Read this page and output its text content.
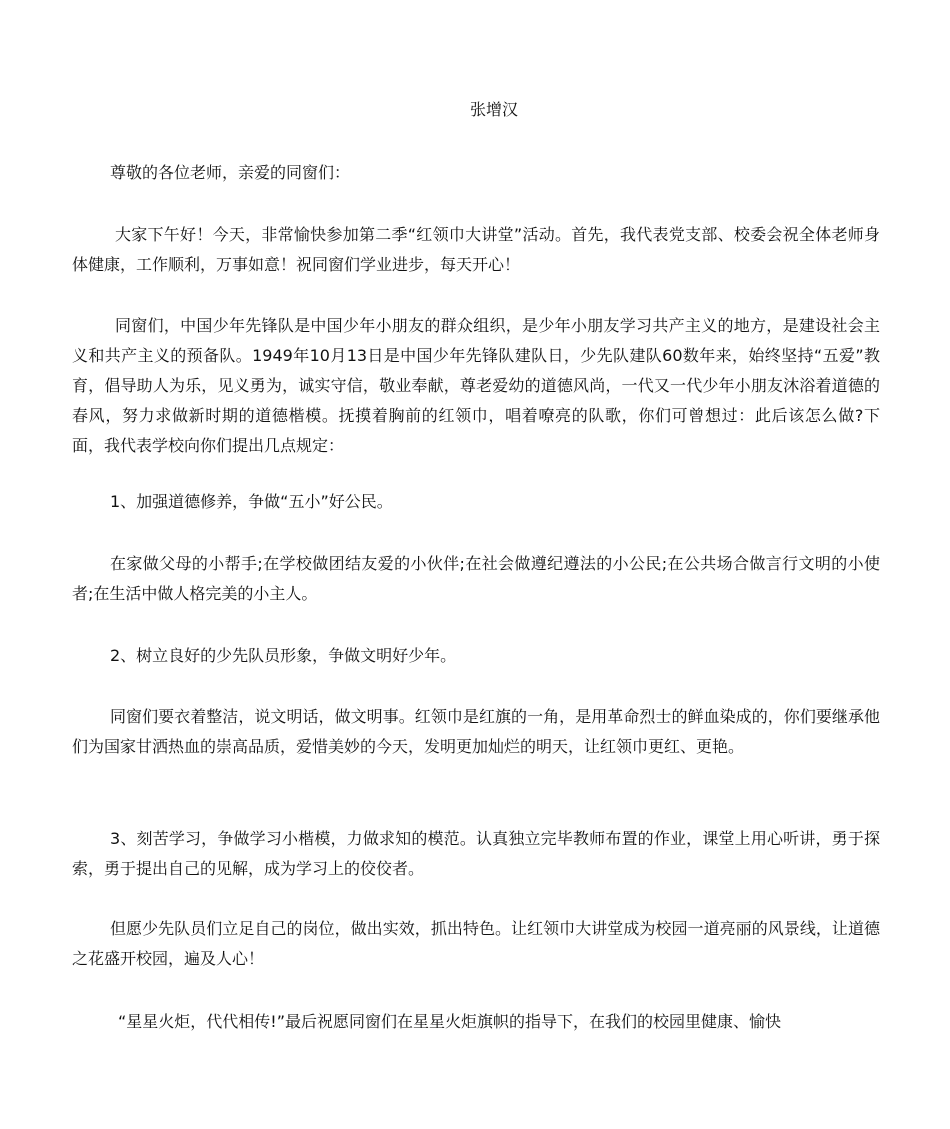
张增汉
尊敬的各位老师，亲爱的同窗们：
大家下午好！今天，非常愉快参加第二季“红领巾大讲堂”活动。首先，我代表党支部、校委会祝全体老师身体健康，工作顺利，万事如意！祝同窗们学业进步，每天开心！
同窗们，中国少年先锋队是中国少年小朋友的群众组织，是少年小朋友学习共产主义的地方，是建设社会主义和共产主义的预备队。1949年10月13日是中国少年先锋队建队日，少先队建队60数年来，始终坚持“五爱”教育，倡导助人为乐，见义勇为，诚实守信，敬业奉献，尊老爱幼的道德风尚，一代又一代少年小朋友沐浴着道德的春风，努力求做新时期的道德楷模。抚摸着胸前的红领巾，唱着嘹亮的队歌，你们可曾想过：此后该怎么做?下面，我代表学校向你们提出几点规定：
1、加强道德修养，争做“五小”好公民。
在家做父母的小帮手;在学校做团结友爱的小伙伴;在社会做遵纪遵法的小公民;在公共场合做言行文明的小使者;在生活中做人格完美的小主人。
2、树立良好的少先队员形象，争做文明好少年。
同窗们要衣着整洁，说文明话，做文明事。红领巾是红旗的一角，是用革命烈士的鲜血染成的，你们要继承他们为国家甘洒热血的崇高品质，爱惜美妙的今天，发明更加灿烂的明天，让红领巾更红、更艳。
3、刻苦学习，争做学习小楷模，力做求知的模范。认真独立完毕教师布置的作业，课堂上用心听讲，勇于探索，勇于提出自己的见解，成为学习上的佼佼者。
但愿少先队员们立足自己的岗位，做出实效，抓出特色。让红领巾大讲堂成为校园一道亮丽的风景线，让道德之花盛开校园，遍及人心！
“星星火炬，代代相传!”最后祝愿同窗们在星星火炬旗帜的指导下，在我们的校园里健康、愉快
